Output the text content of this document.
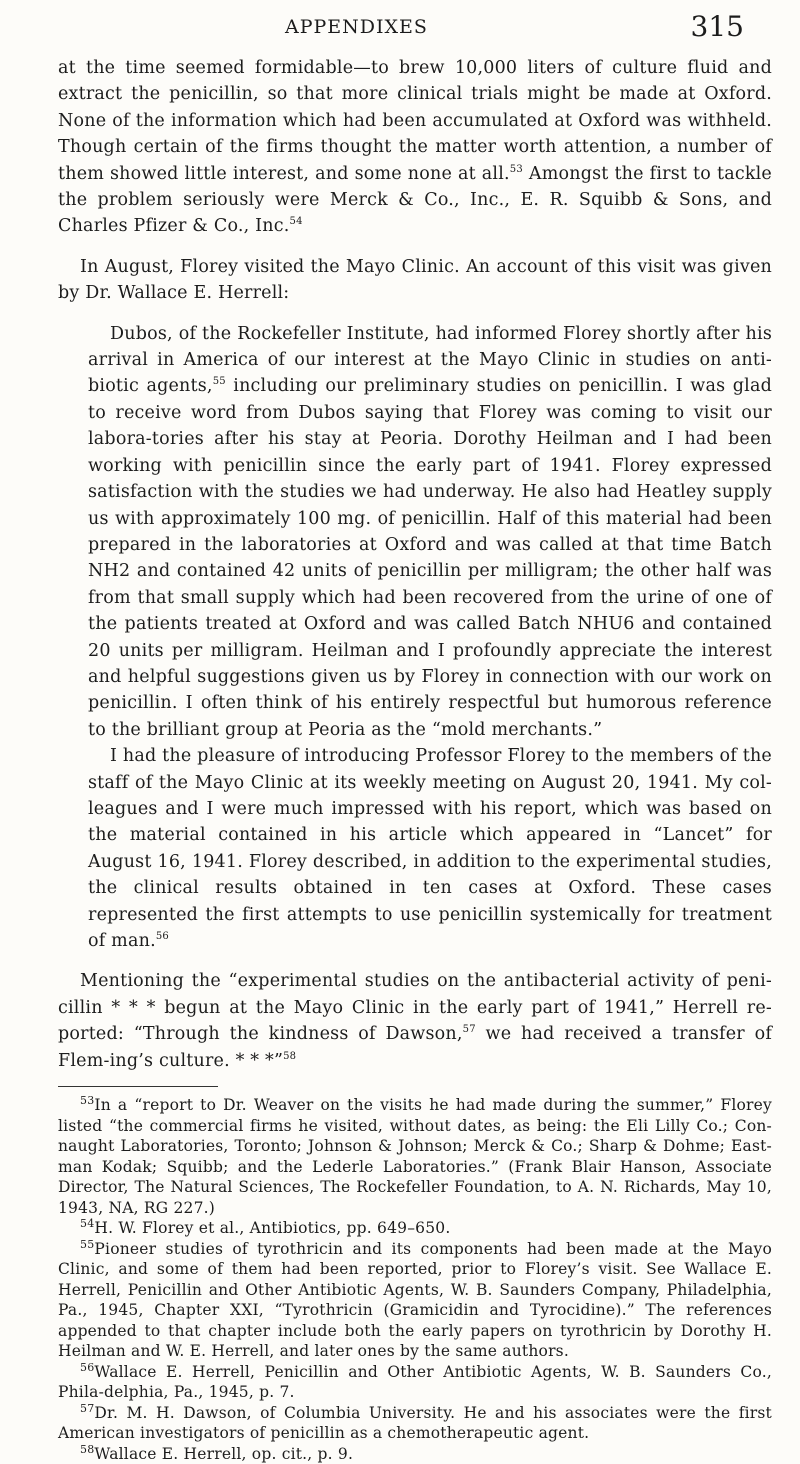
APPENDIXES	315

at the time seemed formidable—to brew 10,000 liters of culture fluid and extract the penicillin, so that more clinical trials might be made at Oxford. None of the information which had been accumulated at Oxford was withheld. Though certain of the firms thought the matter worth attention, a number of them showed little interest, and some none at all.$^{53}$ Amongst the first to tackle the problem seriously were Merck & Co., Inc., E. R. Squibb & Sons, and Charles Pfizer & Co., Inc.$^{54}$

In August, Florey visited the Mayo Clinic. An account of this visit was given by Dr. Wallace E. Herrell:

Dubos, of the Rockefeller Institute, had informed Florey shortly after his arrival in America of our interest at the Mayo Clinic in studies on anti-biotic agents,$^{55}$ including our preliminary studies on penicillin. I was glad to receive word from Dubos saying that Florey was coming to visit our labora-tories after his stay at Peoria. Dorothy Heilman and I had been working with penicillin since the early part of 1941. Florey expressed satisfaction with the studies we had underway. He also had Heatley supply us with approximately 100 mg. of penicillin. Half of this material had been prepared in the laboratories at Oxford and was called at that time Batch NH2 and contained 42 units of penicillin per milligram; the other half was from that small supply which had been recovered from the urine of one of the patients treated at Oxford and was called Batch NHU6 and contained 20 units per milligram. Heilman and I profoundly appreciate the interest and helpful suggestions given us by Florey in connection with our work on penicillin. I often think of his entirely respectful but humorous reference to the brilliant group at Peoria as the “mold merchants.”

I had the pleasure of introducing Professor Florey to the members of the staff of the Mayo Clinic at its weekly meeting on August 20, 1941. My col-leagues and I were much impressed with his report, which was based on the material contained in his article which appeared in “Lancet” for August 16, 1941. Florey described, in addition to the experimental studies, the clinical results obtained in ten cases at Oxford. These cases represented the first attempts to use penicillin systemically for treatment of man.$^{56}$

Mentioning the “experimental studies on the antibacterial activity of peni-cillin * * * begun at the Mayo Clinic in the early part of 1941,” Herrell re-ported: “Through the kindness of Dawson,$^{57}$ we had received a transfer of Flem-ing’s culture. * * *”$^{58}$

$^{53}$In a “report to Dr. Weaver on the visits he had made during the summer,” Florey listed “the commercial firms he visited, without dates, as being: the Eli Lilly Co.; Con-naught Laboratories, Toronto; Johnson & Johnson; Merck & Co.; Sharp & Dohme; East-man Kodak; Squibb; and the Lederle Laboratories.” (Frank Blair Hanson, Associate Director, The Natural Sciences, The Rockefeller Foundation, to A. N. Richards, May 10, 1943, NA, RG 227.)

$^{54}$H. W. Florey et al., Antibiotics, pp. 649–650.

$^{55}$Pioneer studies of tyrothricin and its components had been made at the Mayo Clinic, and some of them had been reported, prior to Florey’s visit. See Wallace E. Herrell, Penicillin and Other Antibiotic Agents, W. B. Saunders Company, Philadelphia, Pa., 1945, Chapter XXI, “Tyrothricin (Gramicidin and Tyrocidine).” The references appended to that chapter include both the early papers on tyrothricin by Dorothy H. Heilman and W. E. Herrell, and later ones by the same authors.

$^{56}$Wallace E. Herrell, Penicillin and Other Antibiotic Agents, W. B. Saunders Co., Phila-delphia, Pa., 1945, p. 7.

$^{57}$Dr. M. H. Dawson, of Columbia University. He and his associates were the first American investigators of penicillin as a chemotherapeutic agent.

$^{58}$Wallace E. Herrell, op. cit., p. 9.
